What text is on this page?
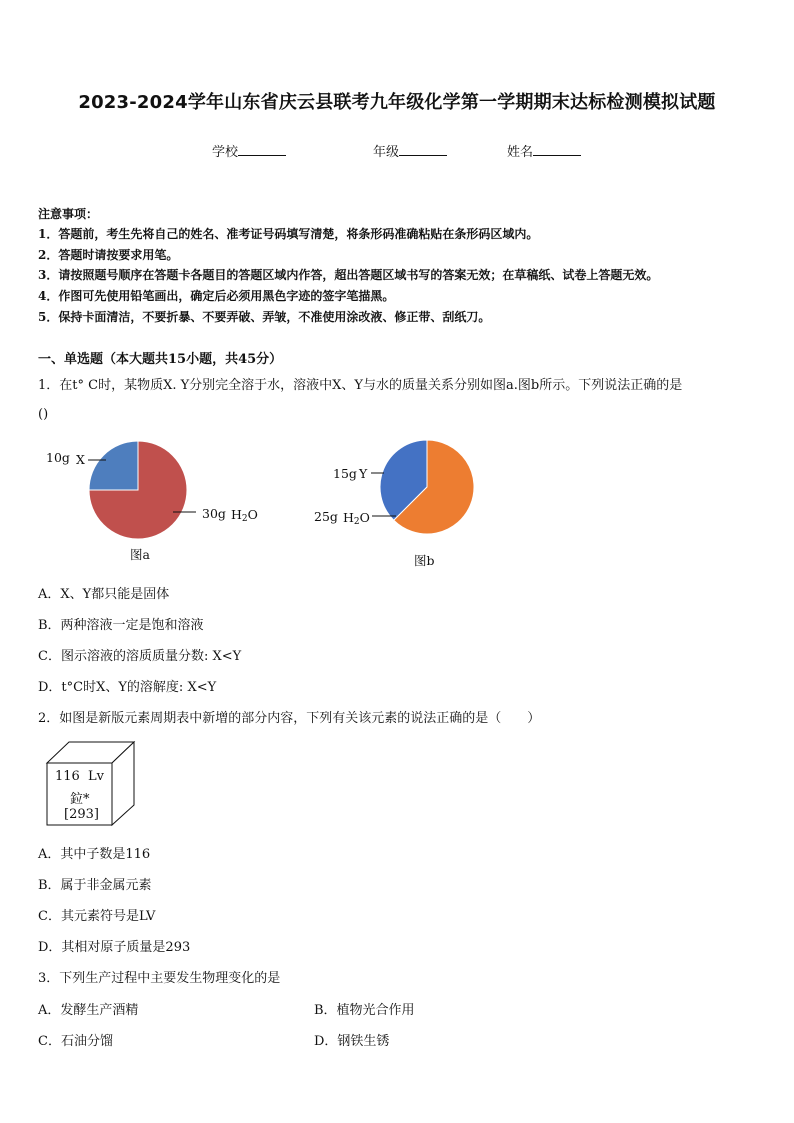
2023-2024学年山东省庆云县联考九年级化学第一学期期末达标检测模拟试题
学校	年级	姓名
注意事项：
1．答题前，考生先将自己的姓名、准考证号码填写清楚，将条形码准确粘贴在条形码区域内。
2．答题时请按要求用笔。
3．请按照题号顺序在答题卡各题目的答题区域内作答，超出答题区域书写的答案无效；在草稿纸、试卷上答题无效。
4．作图可先使用铅笔画出，确定后必须用黑色字迹的签字笔描黑。
5．保持卡面清洁，不要折暴、不要弄破、弄皱，不准使用涂改液、修正带、刮纸刀。
一、单选题（本大题共15小题，共45分）
1．在t° C时，某物质X. Y分别完全溶于水，溶液中X、Y与水的质量关系分别如图a.图b所示。下列说法正确的是
()
10g X
30g $H_2O$
图a
15g Y
25g $H_2O$
图b
A．X、Y都只能是固体
B．两种溶液一定是饱和溶液
C．图示溶液的溶质质量分数: X<Y
D．t°C时X、Y的溶解度: X<Y
2．如图是新版元素周期表中新增的部分内容，下列有关该元素的说法正确的是（　　）
116 Lv
鉝*
[293]
A．其中子数是116
B．属于非金属元素
C．其元素符号是LV
D．其相对原子质量是293
3．下列生产过程中主要发生物理变化的是
A．发酵生产酒精	B．植物光合作用
C．石油分馏	D．钢铁生锈
